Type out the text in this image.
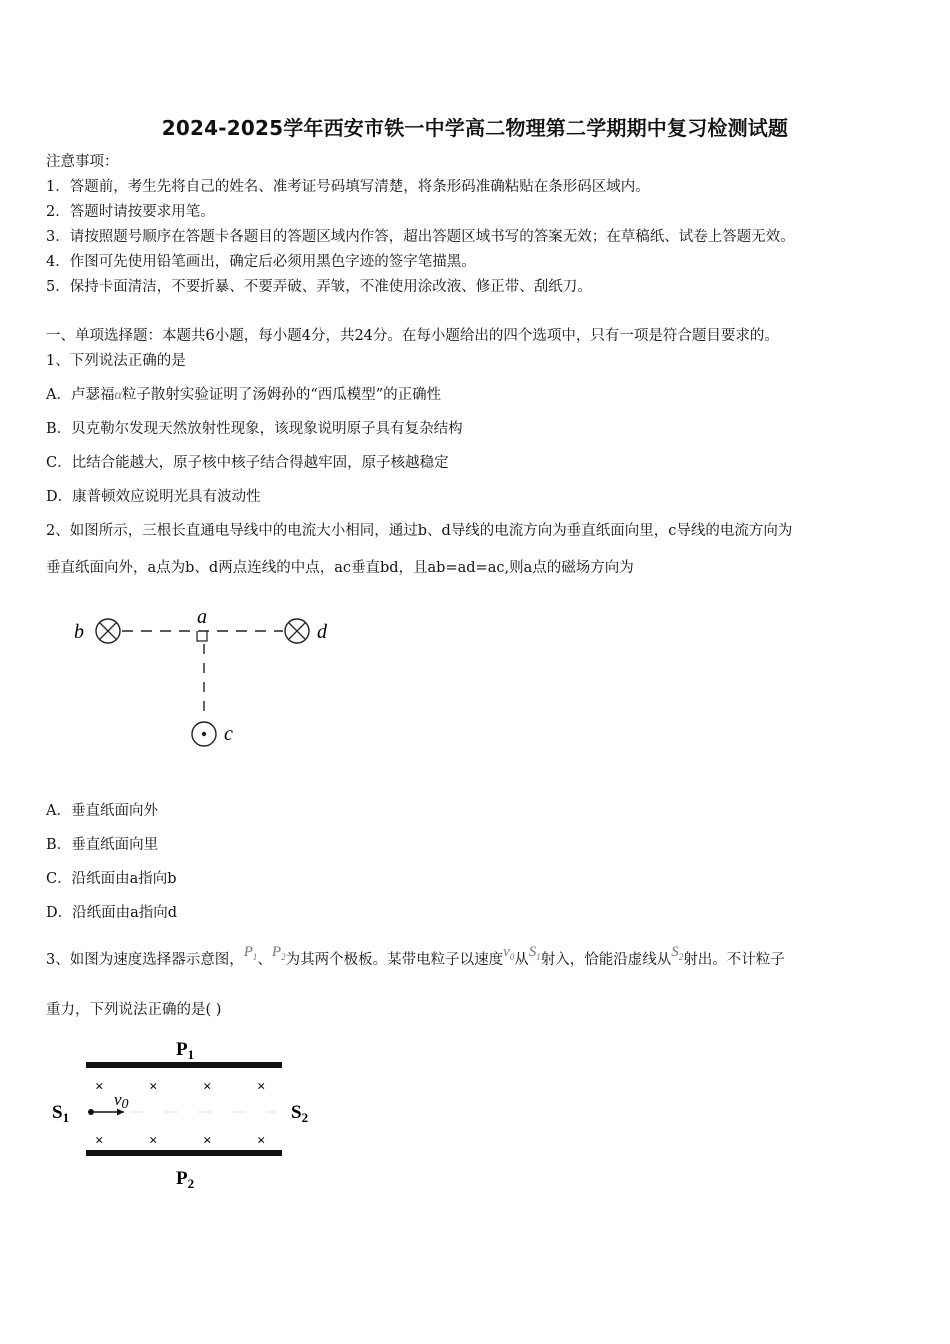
2024-2025学年西安市铁一中学高二物理第二学期期中复习检测试题
注意事项：
1．答题前，考生先将自己的姓名、准考证号码填写清楚，将条形码准确粘贴在条形码区域内。
2．答题时请按要求用笔。
3．请按照题号顺序在答题卡各题目的答题区域内作答，超出答题区域书写的答案无效；在草稿纸、试卷上答题无效。
4．作图可先使用铅笔画出，确定后必须用黑色字迹的签字笔描黑。
5．保持卡面清洁，不要折暴、不要弄破、弄皱，不准使用涂改液、修正带、刮纸刀。
一、单项选择题：本题共6小题，每小题4分，共24分。在每小题给出的四个选项中，只有一项是符合题目要求的。
1、下列说法正确的是
A．卢瑟福α粒子散射实验证明了汤姆孙的“西瓜模型”的正确性
B．贝克勒尔发现天然放射性现象，该现象说明原子具有复杂结构
C．比结合能越大，原子核中核子结合得越牢固，原子核越稳定
D．康普顿效应说明光具有波动性
2、如图所示，三根长直通电导线中的电流大小相同，通过b、d导线的电流方向为垂直纸面向里，c导线的电流方向为
垂直纸面向外，a点为b、d两点连线的中点，ac垂直bd，且ab=ad=ac,则a点的磁场方向为
b
a
d
c
A．垂直纸面向外
B．垂直纸面向里
C．沿纸面由a指向b
D．沿纸面由a指向d
3、如图为速度选择器示意图，$P_1$、$P_2$为其两个极板。某带电粒子以速度$v_0$从$S_1$射入，恰能沿虚线从$S_2$射出。不计粒子
重力，下列说法正确的是( )
×	×	×	×
×	×	×	×
v0
$P_1$
$P_2$
$S_1$	$S_2$
